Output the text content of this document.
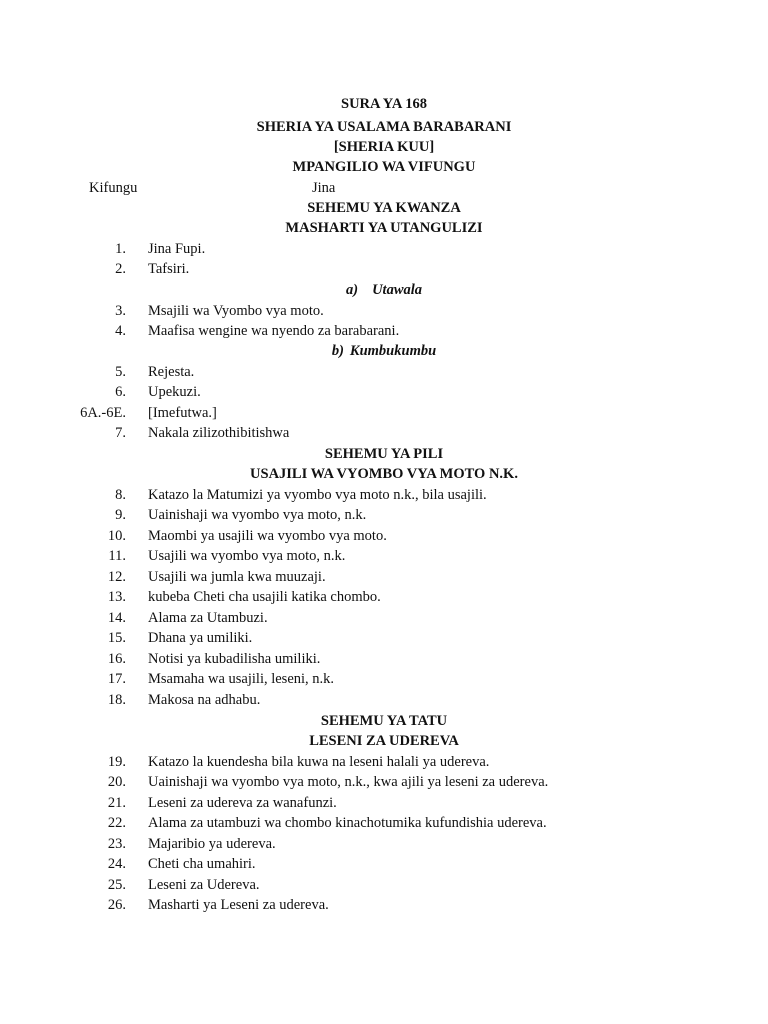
SURA YA 168
SHERIA YA USALAMA BARABARANI
[SHERIA KUU]
MPANGILIO WA VIFUNGU
Kifungu	Jina
SEHEMU YA KWANZA
MASHARTI YA UTANGULIZI
1. Jina Fupi.
2. Tafsiri.
a) Utawala
3. Msajili wa Vyombo vya moto.
4. Maafisa wengine wa nyendo za barabarani.
b) Kumbukumbu
5. Rejesta.
6. Upekuzi.
6A.-6E. [Imefutwa.]
7. Nakala zilizothibitishwa
SEHEMU YA PILI
USAJILI WA VYOMBO VYA MOTO N.K.
8. Katazo la Matumizi ya vyombo vya moto n.k., bila usajili.
9. Uainishaji wa vyombo vya moto, n.k.
10. Maombi ya usajili wa vyombo vya moto.
11. Usajili wa vyombo vya moto, n.k.
12. Usajili wa jumla kwa muuzaji.
13. kubeba Cheti cha usajili katika chombo.
14. Alama za Utambuzi.
15. Dhana ya umiliki.
16. Notisi ya kubadilisha umiliki.
17. Msamaha wa usajili, leseni, n.k.
18. Makosa na adhabu.
SEHEMU YA TATU
LESENI ZA UDEREVA
19. Katazo la kuendesha bila kuwa na leseni halali ya udereva.
20. Uainishaji wa vyombo vya moto, n.k., kwa ajili ya leseni za udereva.
21. Leseni za udereva za wanafunzi.
22. Alama za utambuzi wa chombo kinachotumika kufundishia udereva.
23. Majaribio ya udereva.
24. Cheti cha umahiri.
25. Leseni za Udereva.
26. Masharti ya Leseni za udereva.
